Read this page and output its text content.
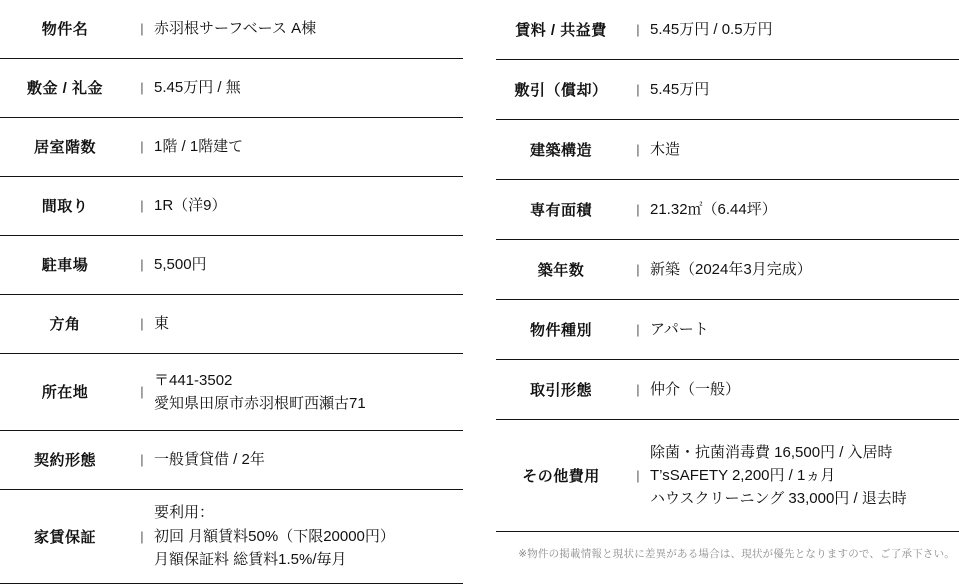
物件名	| 赤羽根サーフベース A棟
敷金 / 礼金	| 5.45万円 / 無
居室階数	| 1階 / 1階建て
間取り	| 1R（洋9）
駐車場	| 5,500円
方角	| 東
所在地	|
〒441-3502
愛知県田原市赤羽根町西瀬古71
契約形態	| 一般賃貸借 / 2年
家賃保証	|
要利用：
初回 月額賃料50%（下限20000円）
月額保証料 総賃料1.5%/毎月
賃料 / 共益費	| 5.45万円 / 0.5万円
敷引（償却）	| 5.45万円
建築構造	| 木造
専有面積	| 21.32㎡（6.44坪）
築年数	| 新築（2024年3月完成）
物件種別	| アパート
取引形態	| 仲介（一般）
その他費用	|
除菌・抗菌消毒費 16,500円 / 入居時
T’sSAFETY 2,200円 / 1ヵ月
ハウスクリーニング 33,000円 / 退去時
※物件の掲載情報と現状に差異がある場合は、現状が優先となりますので、ご了承下さい。
